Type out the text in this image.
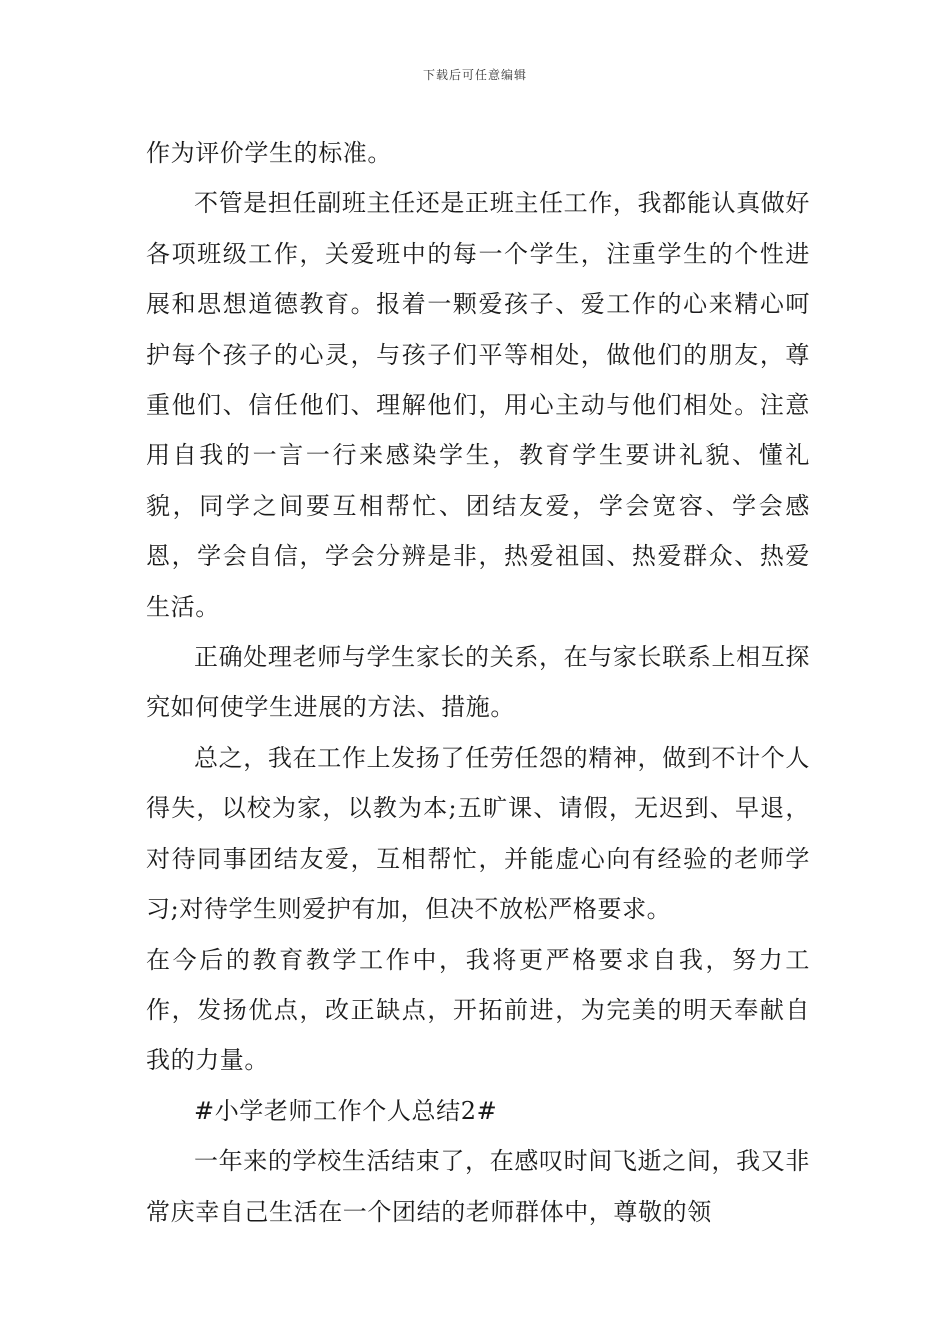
下载后可任意编辑

作为评价学生的标准。

不管是担任副班主任还是正班主任工作，我都能认真做好各项班级工作，关爱班中的每一个学生，注重学生的个性进展和思想道德教育。报着一颗爱孩子、爱工作的心来精心呵护每个孩子的心灵，与孩子们平等相处，做他们的朋友，尊重他们、信任他们、理解他们，用心主动与他们相处。注意用自我的一言一行来感染学生，教育学生要讲礼貌、懂礼貌，同学之间要互相帮忙、团结友爱，学会宽容、学会感恩，学会自信，学会分辨是非，热爱祖国、热爱群众、热爱生活。

正确处理老师与学生家长的关系，在与家长联系上相互探究如何使学生进展的方法、措施。

总之，我在工作上发扬了任劳任怨的精神，做到不计个人得失，以校为家，以教为本;五旷课、请假，无迟到、早退，对待同事团结友爱，互相帮忙，并能虚心向有经验的老师学习;对待学生则爱护有加，但决不放松严格要求。

在今后的教育教学工作中，我将更严格要求自我，努力工作，发扬优点，改正缺点，开拓前进，为完美的明天奉献自我的力量。

#小学老师工作个人总结2#

一年来的学校生活结束了，在感叹时间飞逝之间，我又非常庆幸自己生活在一个团结的老师群体中，尊敬的领
